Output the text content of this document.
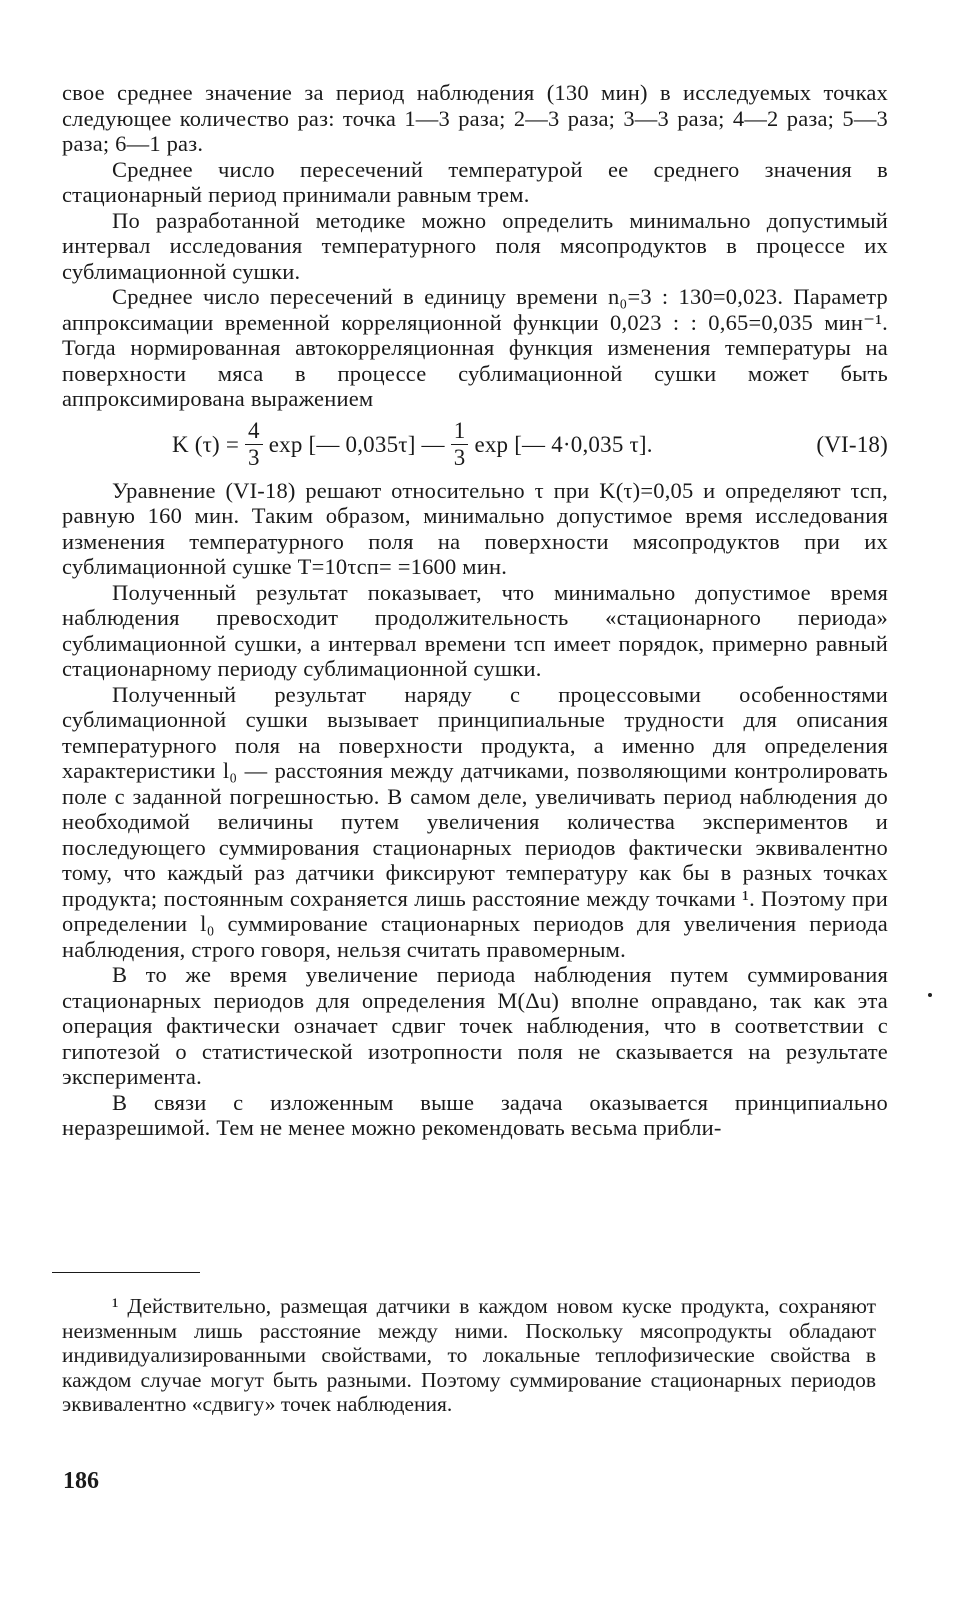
свое среднее значение за период наблюдения (130 мин) в исследуемых точках следующее количество раз: точка 1—3 раза; 2—3 раза; 3—3 раза; 4—2 раза; 5—3 раза; 6—1 раз.

Среднее число пересечений температурой ее среднего значения в стационарный период принимали равным трем.

По разработанной методике можно определить минимально допустимый интервал исследования температурного поля мясопродуктов в процессе их сублимационной сушки.

Среднее число пересечений в единицу времени n₀=3 : 130=0,023. Параметр аппроксимации временной корреляционной функции 0,023 : : 0,65=0,035 мин⁻¹. Тогда нормированная автокорреляционная функция изменения температуры на поверхности мяса в процессе сублимационной сушки может быть аппроксимирована выражением

K $(\tau) = \frac{4}{3}$ exp [— 0,035τ] — $\frac{1}{3}$ exp [— 4·0,035 τ].	(VI-18)

Уравнение (VI-18) решают относительно τ при K(τ)=0,05 и определяют τсп, равную 160 мин. Таким образом, минимально допустимое время исследования изменения температурного поля на поверхности мясопродуктов при их сублимационной сушке T=10τсп= =1600 мин.

Полученный результат показывает, что минимально допустимое время наблюдения превосходит продолжительность «стационарного периода» сублимационной сушки, а интервал времени τсп имеет порядок, примерно равный стационарному периоду сублимационной сушки.

Полученный результат наряду с процессовыми особенностями сублимационной сушки вызывает принципиальные трудности для описания температурного поля на поверхности продукта, а именно для определения характеристики l₀ — расстояния между датчиками, позволяющими контролировать поле с заданной погрешностью. В самом деле, увеличивать период наблюдения до необходимой величины путем увеличения количества экспериментов и последующего суммирования стационарных периодов фактически эквивалентно тому, что каждый раз датчики фиксируют температуру как бы в разных точках продукта; постоянным сохраняется лишь расстояние между точками ¹. Поэтому при определении l₀ суммирование стационарных периодов для увеличения периода наблюдения, строго говоря, нельзя считать правомерным.

В то же время увеличение периода наблюдения путем суммирования стационарных периодов для определения M(Δu) вполне оправдано, так как эта операция фактически означает сдвиг точек наблюдения, что в соответствии с гипотезой о статистической изотропности поля не сказывается на результате эксперимента.

В связи с изложенным выше задача оказывается принципиально неразрешимой. Тем не менее можно рекомендовать весьма прибли-

¹ Действительно, размещая датчики в каждом новом куске продукта, сохраняют неизменным лишь расстояние между ними. Поскольку мясопродукты обладают индивидуализированными свойствами, то локальные теплофизические свойства в каждом случае могут быть разными. Поэтому суммирование стационарных периодов эквивалентно «сдвигу» точек наблюдения.

186
